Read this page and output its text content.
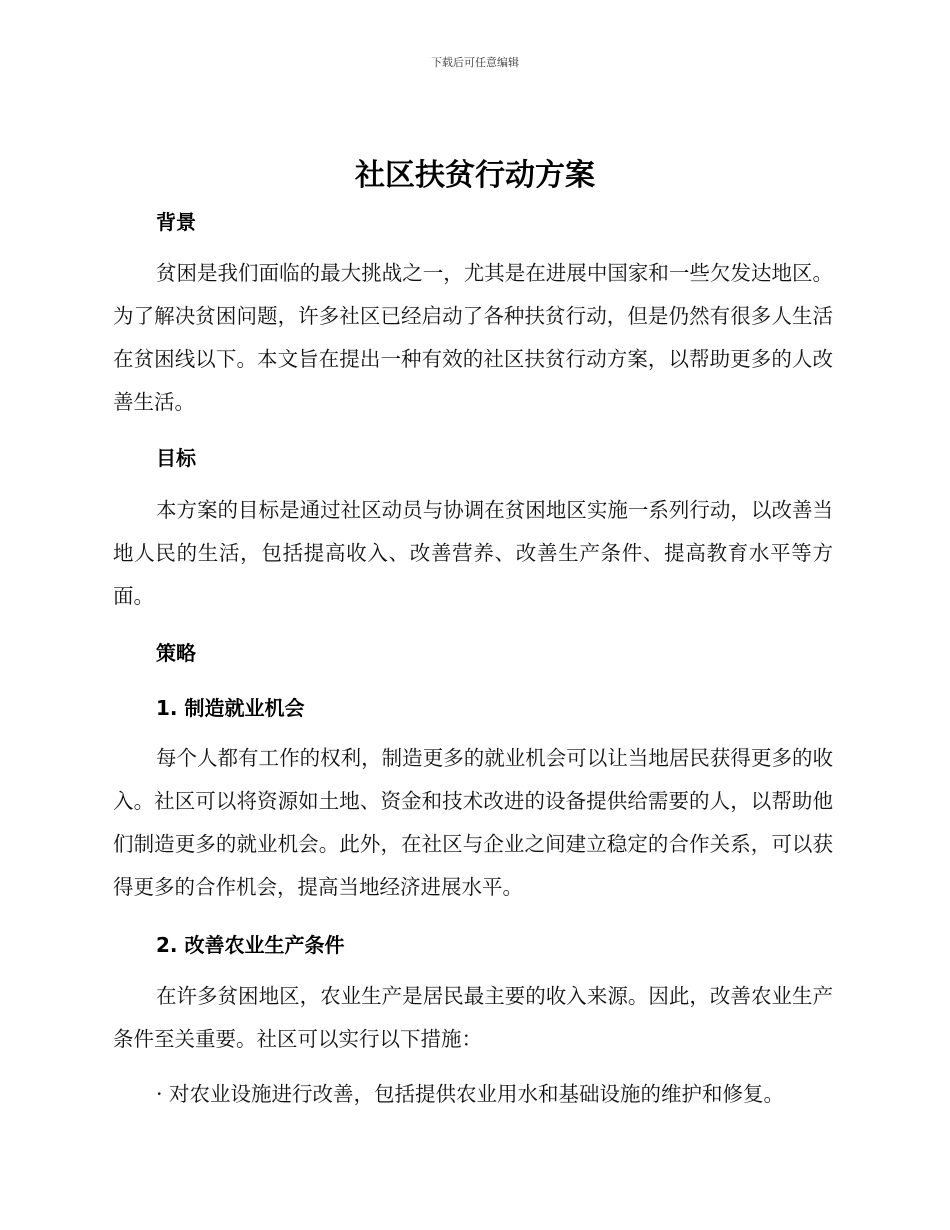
下载后可任意编辑
社区扶贫行动方案
背景

贫困是我们面临的最大挑战之一，尤其是在进展中国家和一些欠发达地区。为了解决贫困问题，许多社区已经启动了各种扶贫行动，但是仍然有很多人生活在贫困线以下。本文旨在提出一种有效的社区扶贫行动方案，以帮助更多的人改善生活。

目标

本方案的目标是通过社区动员与协调在贫困地区实施一系列行动，以改善当地人民的生活，包括提高收入、改善营养、改善生产条件、提高教育水平等方面。

策略
1. 制造就业机会

每个人都有工作的权利，制造更多的就业机会可以让当地居民获得更多的收入。社区可以将资源如土地、资金和技术改进的设备提供给需要的人，以帮助他们制造更多的就业机会。此外，在社区与企业之间建立稳定的合作关系，可以获得更多的合作机会，提高当地经济进展水平。

2. 改善农业生产条件

在许多贫困地区，农业生产是居民最主要的收入来源。因此，改善农业生产条件至关重要。社区可以实行以下措施：

· 对农业设施进行改善，包括提供农业用水和基础设施的维护和修复。
